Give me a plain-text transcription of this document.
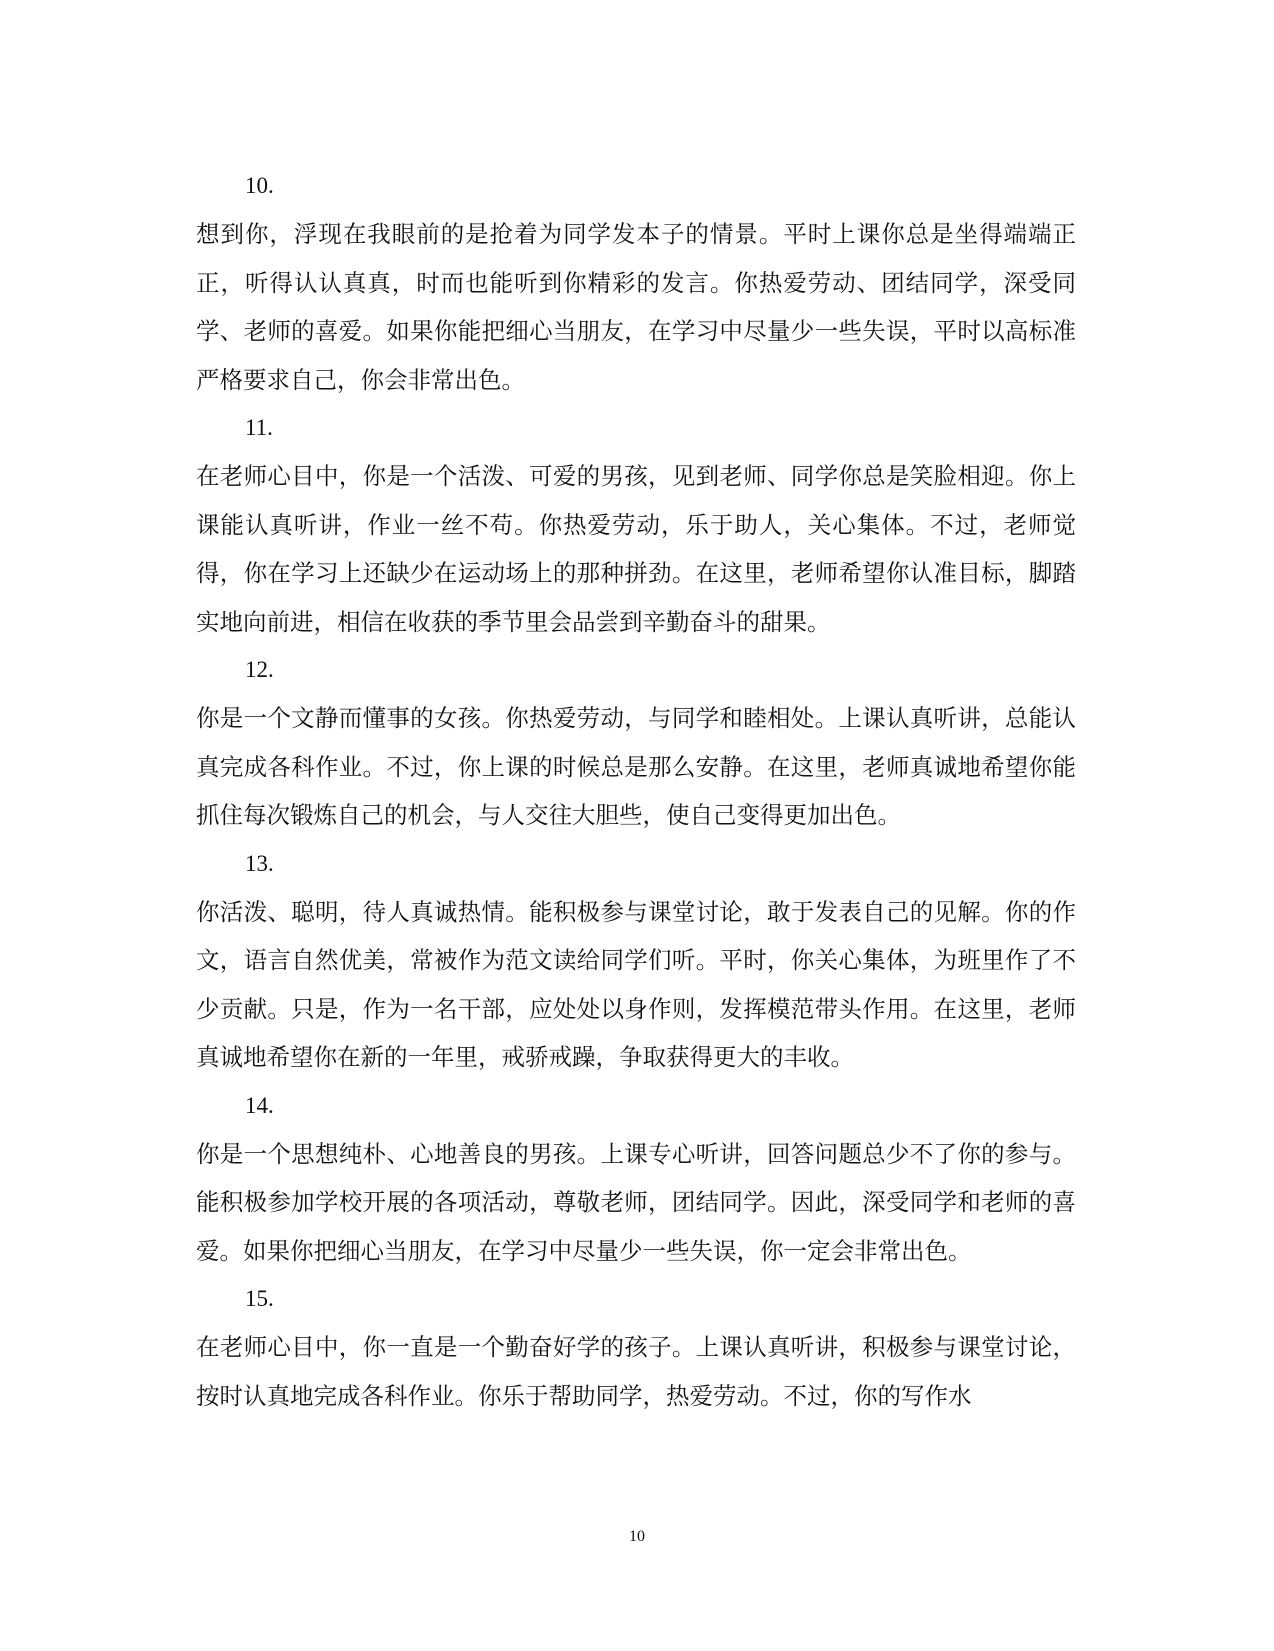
10.

想到你，浮现在我眼前的是抢着为同学发本子的情景。平时上课你总是坐得端端正正，听得认认真真，时而也能听到你精彩的发言。你热爱劳动、团结同学，深受同学、老师的喜爱。如果你能把细心当朋友，在学习中尽量少一些失误，平时以高标准严格要求自己，你会非常出色。

11.

在老师心目中，你是一个活泼、可爱的男孩，见到老师、同学你总是笑脸相迎。你上课能认真听讲，作业一丝不苟。你热爱劳动，乐于助人，关心集体。不过，老师觉得，你在学习上还缺少在运动场上的那种拼劲。在这里，老师希望你认准目标，脚踏实地向前进，相信在收获的季节里会品尝到辛勤奋斗的甜果。

12.

你是一个文静而懂事的女孩。你热爱劳动，与同学和睦相处。上课认真听讲，总能认真完成各科作业。不过，你上课的时候总是那么安静。在这里，老师真诚地希望你能抓住每次锻炼自己的机会，与人交往大胆些，使自己变得更加出色。

13.

你活泼、聪明，待人真诚热情。能积极参与课堂讨论，敢于发表自己的见解。你的作文，语言自然优美，常被作为范文读给同学们听。平时，你关心集体，为班里作了不少贡献。只是，作为一名干部，应处处以身作则，发挥模范带头作用。在这里，老师真诚地希望你在新的一年里，戒骄戒躁，争取获得更大的丰收。

14.

你是一个思想纯朴、心地善良的男孩。上课专心听讲，回答问题总少不了你的参与。能积极参加学校开展的各项活动，尊敬老师，团结同学。因此，深受同学和老师的喜爱。如果你把细心当朋友，在学习中尽量少一些失误，你一定会非常出色。

15.

在老师心目中，你一直是一个勤奋好学的孩子。上课认真听讲，积极参与课堂讨论，按时认真地完成各科作业。你乐于帮助同学，热爱劳动。不过，你的写作水

10
